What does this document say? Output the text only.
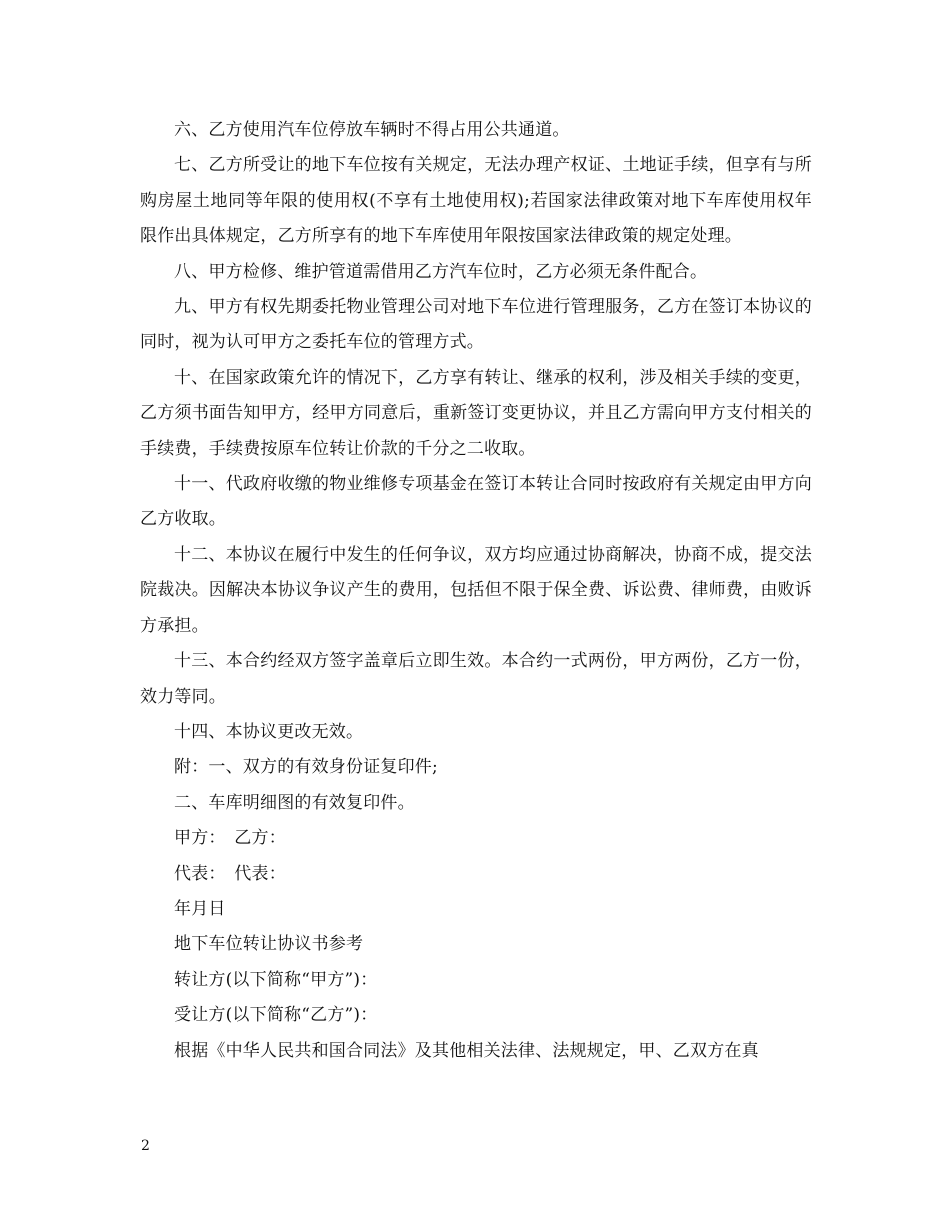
六、乙方使用汽车位停放车辆时不得占用公共通道。

七、乙方所受让的地下车位按有关规定，无法办理产权证、土地证手续，但享有与所购房屋土地同等年限的使用权(不享有土地使用权);若国家法律政策对地下车库使用权年限作出具体规定，乙方所享有的地下车库使用年限按国家法律政策的规定处理。

八、甲方检修、维护管道需借用乙方汽车位时，乙方必须无条件配合。

九、甲方有权先期委托物业管理公司对地下车位进行管理服务，乙方在签订本协议的同时，视为认可甲方之委托车位的管理方式。

十、在国家政策允许的情况下，乙方享有转让、继承的权利，涉及相关手续的变更，乙方须书面告知甲方，经甲方同意后，重新签订变更协议，并且乙方需向甲方支付相关的手续费，手续费按原车位转让价款的千分之二收取。

十一、代政府收缴的物业维修专项基金在签订本转让合同时按政府有关规定由甲方向乙方收取。

十二、本协议在履行中发生的任何争议，双方均应通过协商解决，协商不成，提交法院裁决。因解决本协议争议产生的费用，包括但不限于保全费、诉讼费、律师费，由败诉方承担。

十三、本合约经双方签字盖章后立即生效。本合约一式两份，甲方两份，乙方一份，效力等同。

十四、本协议更改无效。

附：一、双方的有效身份证复印件;

二、车库明细图的有效复印件。

甲方：　乙方：

代表：　代表：

年月日

地下车位转让协议书参考

转让方(以下简称“甲方”)：

受让方(以下简称“乙方”)：

根据《中华人民共和国合同法》及其他相关法律、法规规定，甲、乙双方在真

2
